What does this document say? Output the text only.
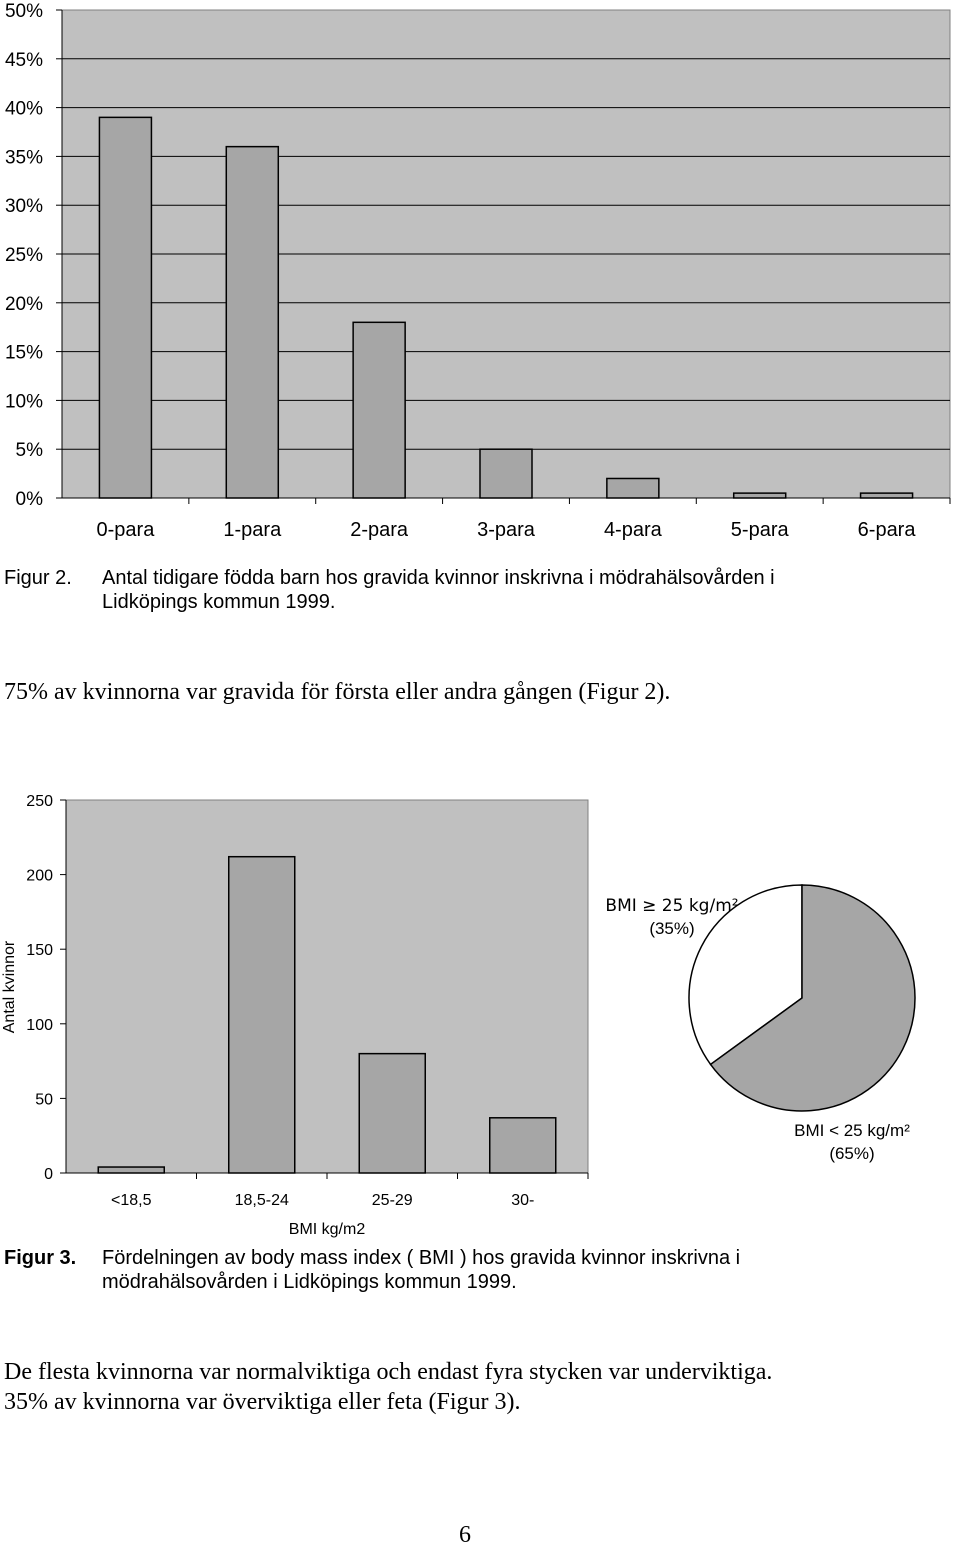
0%
5%
10%
15%
20%
25%
30%
35%
40%
45%
50%
0-para	1-para	2-para	3-para	4-para	5-para	6-para
Figur 2. Antal tidigare födda barn hos gravida kvinnor inskrivna i mödrahälsovården i
Lidköpings kommun 1999.
75% av kvinnorna var gravida för första eller andra gången (Figur 2).
0
50
100
150
200
250
<18,5	18,5-24	25-29	30-
BMI kg/m2
Antal kvinnor
BMI ≥ 25 kg/m²
(35%)
BMI < 25 kg/m²
(65%)
Figur 3. Fördelningen av body mass index ( BMI ) hos gravida kvinnor inskrivna i
mödrahälsovården i Lidköpings kommun 1999.
De flesta kvinnorna var normalviktiga och endast fyra stycken var underviktiga.
35% av kvinnorna var överviktiga eller feta (Figur 3).
6
